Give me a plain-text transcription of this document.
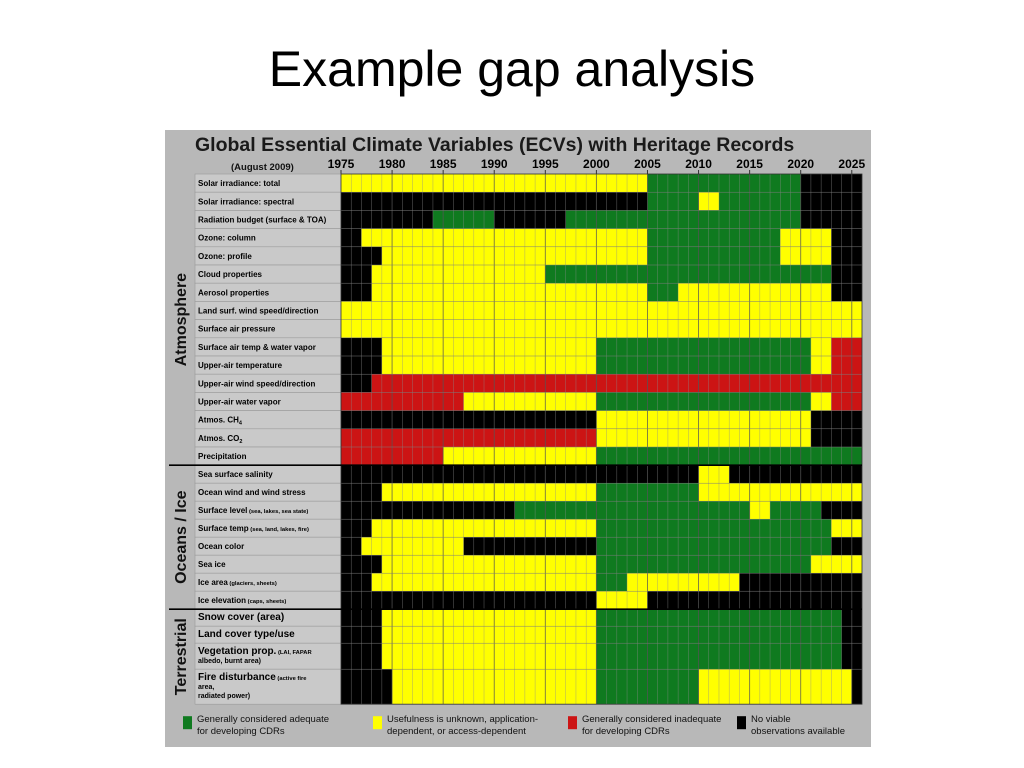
Example gap analysis
Global Essential Climate Variables (ECVs) with Heritage Records
(August 2009)	1975 1980 1985 1990 1995 2000 2005 2010 2015 2020 2025
Solar irradiance: total
Solar irradiance: spectral
Radiation budget (surface & TOA)
Ozone: column
Ozone: profile
Cloud properties
Aerosol properties
Land surf. wind speed/direction
Surface air pressure
Surface air temp & water vapor
Upper-air temperature
Upper-air wind speed/direction
Upper-air water vapor
Atmos. $CH_4$
Atmos. $CO_2$
Precipitation
Sea surface salinity
Ocean wind and wind stress
Surface level (sea, lakes, sea state)
Surface temp (sea, land, lakes, fire)
Ocean color
Sea ice
Ice area (glaciers, sheets)
Ice elevation (caps, sheets)
Snow cover (area)
Land cover type/use
Vegetation prop. (LAI, FAPAR
albedo, burnt area)
Fire disturbance (active fire
area,
radiated power)
Atmosphere
Oceans / Ice
Terrestrial
Generally considered adequate
for developing CDRs
Usefulness is unknown, application-
dependent, or access-dependent
Generally considered inadequate
for developing CDRs
No viable
observations available
